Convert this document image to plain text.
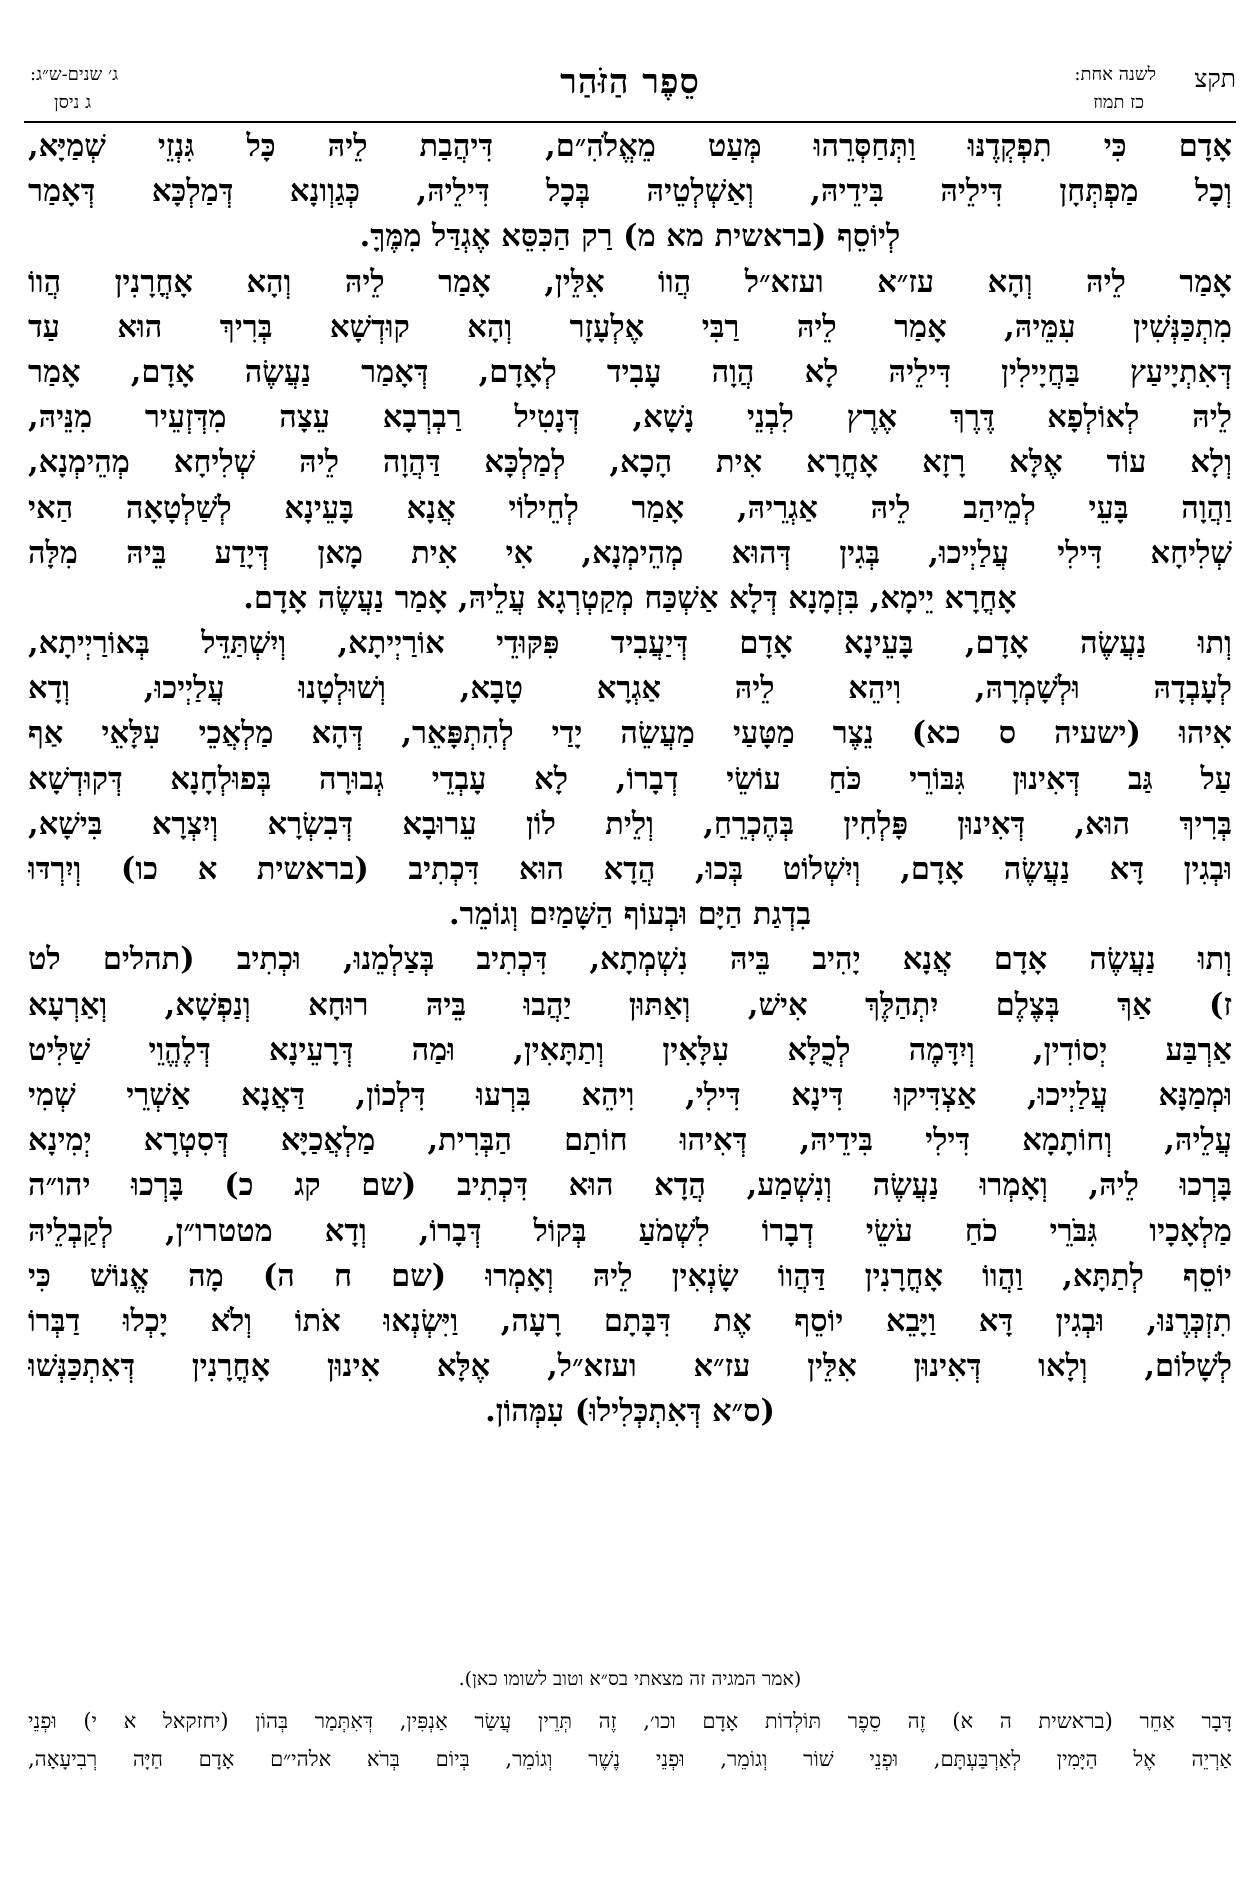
תקצ
לשנה אחת:
כז תמוז
סֵפֶר הַזֹּהַר
ג׳ שנים-ש״ג:
ג ניסן
אָדָם כִּי תִפְקְדֶנּוּ וַתְּחַסְּרֵהוּ מְּעַט מֵאֱלֹהִ״ם, דִּיהֲבַת לֵיהּ כָּל גִּנְזֵי שְׁמַיָּא,
וְכָל מַפְתְּחָן דִּילֵיהּ בִּידֵיהּ, וְאַשְׁלְטֵיהּ בְּכָל דִּילֵיהּ, כְּגַוְונָא דְּמַלְכָּא דְּאָמַר
לְיוֹסֵף (בראשית מא מ) רַק הַכִּסֵּא אֶגְדַּל מִמֶּךָּ.
אָמַר לֵיהּ וְהָא עז״א ועזא״ל הֲווֹ אִלֵּין, אָמַר לֵיהּ וְהָא אָחֳרָנִין הֲווֹ
מִתְכַּנְּשִׁין עִמֵּיהּ, אָמַר לֵיהּ רַבִּי אֶלְעָזָר וְהָא קוּדְשָׁא בְּרִיךְ הוּא עַד
דְּאִתְיָיעַץ בַּחֲיָילִין דִּילֵיהּ לָא הֲוָה עָבִיד לְאָדָם, דְּאָמַר נַעֲשֶׂה אָדָם, אָמַר
לֵיהּ לְאוֹלְפָא דֶּרֶךְ אֶרֶץ לִבְנֵי נָשָׁא, דְּנָטִיל רַבְרְבָא עֵצָה מִדְּזְעֵיר מִנֵּיהּ,
וְלָא עוֹד אֶלָּא רָזָא אָחֳרָא אִית הָכָא, לְמַלְכָּא דַּהֲוָה לֵיהּ שְׁלִיחָא מְהֵימְנָא,
וַהֲוָה בָּעֵי לְמֵיהַב לֵיהּ אַגְרֵיהּ, אָמַר לְחֵילוֹי אֲנָא בָּעֵינָא לְשַׁלְטָאָה הַאי
שְׁלִיחָא דִּילִי עֲלַיְיכוּ, בְּגִין דְּהוּא מְהֵימְנָא, אִי אִית מָאן דְּיָדַע בֵּיהּ מִלָּה
אָחֳרָא יֵימָא, בִּזְמָנָא דְּלָא אַשְׁכַּח מְקַטְרְגָא עֲלֵיהּ, אָמַר נַעֲשֶׂה אָדָם.
וְתוּ נַעֲשֶׂה אָדָם, בָּעֵינָא אָדָם דְּיַעֲבִיד פִּקּוּדֵי אוֹרַיְיתָא, וְיִשְׁתַּדֵּל בְּאוֹרַיְיתָא,
לְעָבְדָהּ וּלְשָׁמְרָהּ, וִיהֵא לֵיהּ אַגְרָא טָבָא, וְשׁוּלְטָנוּ עֲלַיְיכוּ, וְדָא
אִיהוּ (ישעיה ס כא) נֵצֶר מַטָּעַי מַעֲשֵׂה יָדַי לְהִתְפָּאֵר, דְּהָא מַלְאֲכֵי עִלָּאֵי אַף
עַל גַּב דְּאִינוּן גִּבּוֹרֵי כֹּחַ עוֹשֵׂי דְבָרוֹ, לָא עָבְדֵי גְבוּרָה בְּפוּלְחָנָא דְּקוּדְשָׁא
בְּרִיךְ הוּא, דְּאִינוּן פָּלְחִין בְּהֶכְרֵחַ, וְלֵית לוֹן עֵרוּבָא דְּבִשְׂרָא וְיִצְרָא בִּישָׁא,
וּבְגִין דָּא נַעֲשֶׂה אָדָם, וְיִשְׁלוֹט בְּכוּ, הֲדָא הוּא דִּכְתִיב (בראשית א כו) וְיִרְדּוּ
בִדְגַת הַיָּם וּבְעוֹף הַשָּׁמַיִם וְגוֹמֵר.
וְתוּ נַעֲשֶׂה אָדָם אֲנָא יָהִיב בֵּיהּ נִשְׁמְתָא, דִּכְתִיב בְּצַלְמֵנוּ, וּכְתִיב (תהלים לט
ז) אַךְ בְּצֶלֶם יִתְהַלֶּךְ אִישׁ, וְאַתּוּן יַהֲבוּ בֵּיהּ רוּחָא וְנַפְשָׁא, וְאַרְעָא
אַרְבַּע יְסוֹדִין, וְיִדָּמֶה לְכֻלָּא עִלָּאִין וְתַתָּאִין, וּמַה דְּרָעֵינָא דְּלֶהֱוֵי שַׁלִּיט
וּמְמַנָּא עֲלַיְיכוּ, אַצְדִּיקוּ דִּינָא דִּילִי, וִיהֵא בִּרְעוּ דִּלְכוֹן, דַּאֲנָא אַשְׁרֵי שְׁמִי
עֲלֵיהּ, וְחוֹתָמָא דִּילִי בִּידֵיהּ, דְּאִיהוּ חוֹתַם הַבְּרִית, מַלְאֲכַיָּא דְּסִטְרָא יְמִינָא
בָּרְכוּ לֵיהּ, וְאָמְרוּ נַעֲשֶׂה וְנִשְׁמַע, הֲדָא הוּא דִּכְתִיב (שם קג כ) בָּרְכוּ יהו״ה
מַלְאָכָיו גִּבֹּרֵי כֹחַ עֹשֵׂי דְבָרוֹ לִשְׁמֹעַ בְּקוֹל דְּבָרוֹ, וְדָא מטטרו״ן, לְקַבְלֵיהּ
יוֹסֵף לְתַתָּא, וַהֲווֹ אָחֳרָנִין דַּהֲווֹ שָׂנְאִין לֵיהּ וְאָמְרוּ (שם ח ה) מָה אֱנוֹשׁ כִּי
תִזְכְּרֶנּוּ, וּבְגִין דָּא וַיָּבֵא יוֹסֵף אֶת דִּבָּתָם רָעָה, וַיִּשְׂנְאוּ אֹתוֹ וְלֹא יָכְלוּ דַבְּרוֹ
לְשָׁלוֹם, וְלָאו דְּאִינוּן אִלֵּין עז״א ועזא״ל, אֶלָּא אִינוּן אָחֳרָנִין דְּאִתְכַּנְּשׁוּ
(ס״א דְּאִתְכְּלִילוּ) עִמְּהוֹן.
(אמר המגיה זה מצאתי בס״א וטוב לשומו כאן).
דָּבָר אַחֵר (בראשית ה א) זֶה סֵפֶר תּוֹלְדוֹת אָדָם וכו׳, זֶה תְּרֵין עֲשַׂר אַנְפִּין, דְּאִתְּמַר בְּהוֹן (יחזקאל א י) וּפְנֵי
אַרְיֵה אֶל הַיָּמִין לְאַרְבַּעְתָּם, וּפְנֵי שׁוֹר וְגוֹמֵר, וּפְנֵי נֶשֶׁר וְגוֹמֵר, בְּיוֹם בְּרֹא אלהי״ם אָדָם חַיָּה רְבִיעָאָה,
